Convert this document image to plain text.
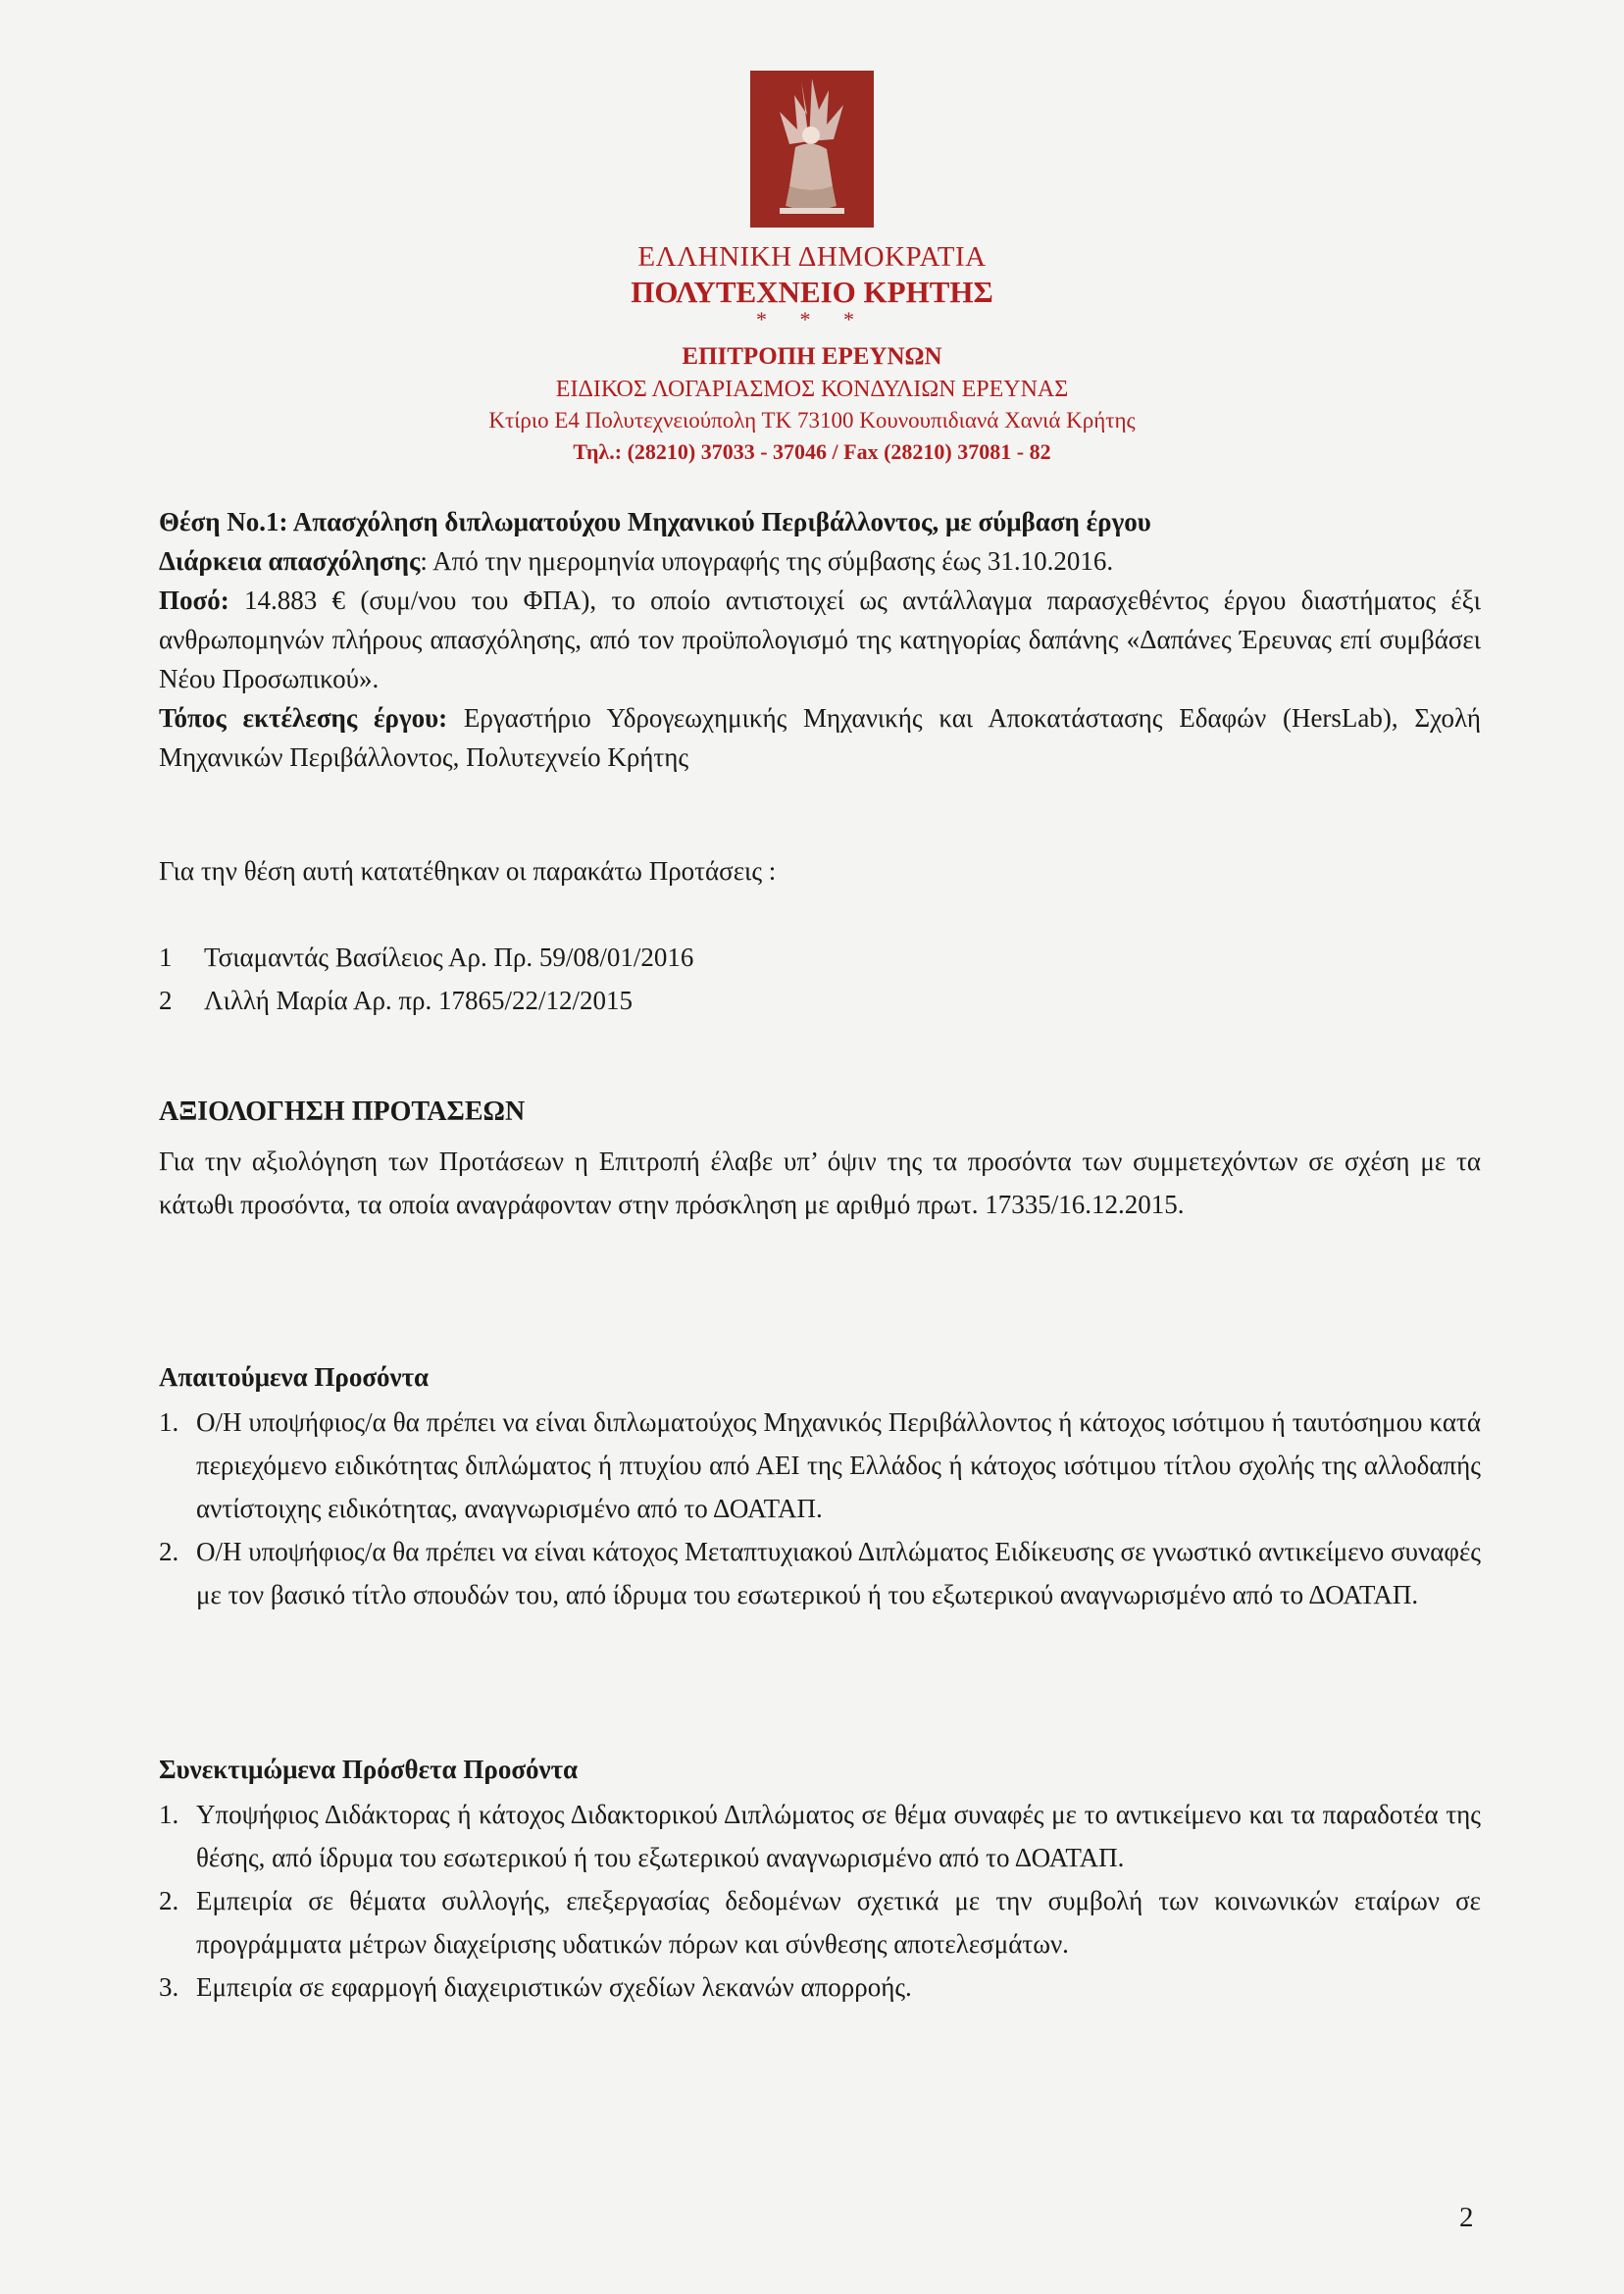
ΕΛΛΗΝΙΚΗ ΔΗΜΟΚΡΑΤΙΑ
ΠΟΛΥΤΕΧΝΕΙΟ ΚΡΗΤΗΣ
* * *
ΕΠΙΤΡΟΠΗ ΕΡΕΥΝΩΝ
ΕΙΔΙΚΟΣ ΛΟΓΑΡΙΑΣΜΟΣ ΚΟΝΔΥΛΙΩΝ ΕΡΕΥΝΑΣ
Κτίριο Ε4 Πολυτεχνειούπολη ΤΚ 73100 Κουνουπιδιανά Χανιά Κρήτης
Τηλ.: (28210) 37033 - 37046 / Fax (28210) 37081 - 82
Θέση Νο.1: Απασχόληση διπλωματούχου Μηχανικού Περιβάλλοντος, με σύμβαση έργου
Διάρκεια απασχόλησης: Από την ημερομηνία υπογραφής της σύμβασης έως 31.10.2016.
Ποσό: 14.883 € (συμ/νου του ΦΠΑ), το οποίο αντιστοιχεί ως αντάλλαγμα παρασχεθέντος έργου διαστήματος έξι ανθρωπομηνών πλήρους απασχόλησης, από τον προϋπολογισμό της κατηγορίας δαπάνης «Δαπάνες Έρευνας επί συμβάσει Νέου Προσωπικού».
Τόπος εκτέλεσης έργου: Εργαστήριο Υδρογεωχημικής Μηχανικής και Αποκατάστασης Εδαφών (HersLab), Σχολή Μηχανικών Περιβάλλοντος, Πολυτεχνείο Κρήτης
Για την θέση αυτή κατατέθηκαν οι παρακάτω Προτάσεις :
1 Τσιαμαντάς Βασίλειος Αρ. Πρ. 59/08/01/2016
2 Λιλλή Μαρία Αρ. πρ. 17865/22/12/2015
ΑΞΙΟΛΟΓΗΣΗ ΠΡΟΤΑΣΕΩΝ
Για την αξιολόγηση των Προτάσεων η Επιτροπή έλαβε υπ’ όψιν της τα προσόντα των συμμετεχόντων σε σχέση με τα κάτωθι προσόντα, τα οποία αναγράφονταν στην πρόσκληση με αριθμό πρωτ. 17335/16.12.2015.
Απαιτούμενα Προσόντα
1. Ο/Η υποψήφιος/α θα πρέπει να είναι διπλωματούχος Μηχανικός Περιβάλλοντος ή κάτοχος ισότιμου ή ταυτόσημου κατά περιεχόμενο ειδικότητας διπλώματος ή πτυχίου από ΑΕΙ της Ελλάδος ή κάτοχος ισότιμου τίτλου σχολής της αλλοδαπής αντίστοιχης ειδικότητας, αναγνωρισμένο από το ΔΟΑΤΑΠ.
2. Ο/Η υποψήφιος/α θα πρέπει να είναι κάτοχος Μεταπτυχιακού Διπλώματος Ειδίκευσης σε γνωστικό αντικείμενο συναφές με τον βασικό τίτλο σπουδών του, από ίδρυμα του εσωτερικού ή του εξωτερικού αναγνωρισμένο από το ΔΟΑΤΑΠ.
Συνεκτιμώμενα Πρόσθετα Προσόντα
1. Υποψήφιος Διδάκτορας ή κάτοχος Διδακτορικού Διπλώματος σε θέμα συναφές με το αντικείμενο και τα παραδοτέα της θέσης, από ίδρυμα του εσωτερικού ή του εξωτερικού αναγνωρισμένο από το ΔΟΑΤΑΠ.
2. Εμπειρία σε θέματα συλλογής, επεξεργασίας δεδομένων σχετικά με την συμβολή των κοινωνικών εταίρων σε προγράμματα μέτρων διαχείρισης υδατικών πόρων και σύνθεσης αποτελεσμάτων.
3. Εμπειρία σε εφαρμογή διαχειριστικών σχεδίων λεκανών απορροής.
2
